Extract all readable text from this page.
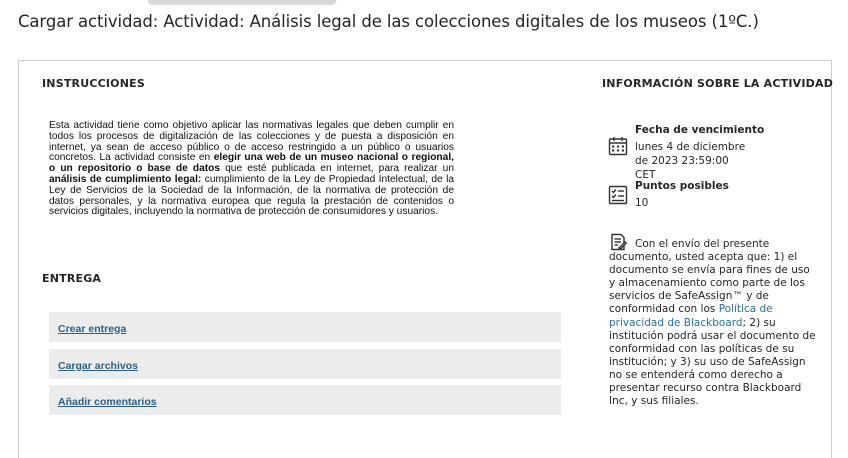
Cargar actividad: Actividad: Análisis legal de las colecciones digitales de los museos (1ºC.)
INSTRUCCIONES
Esta actividad tiene como objetivo aplicar las normativas legales que deben cumplir en todos los procesos de digitalización de las colecciones y de puesta a disposición en internet, ya sean de acceso público o de acceso restringido a un público o usuarios concretos. La actividad consiste en elegir una web de un museo nacional o regional, o un repositorio o base de datos que esté publicada en internet, para realizar un análisis de cumplimiento legal: cumplimiento de la Ley de Propiedad Intelectual, de la Ley de Servicios de la Sociedad de la Información, de la normativa de protección de datos personales, y la normativa europea que regula la prestación de contenidos o servicios digitales, incluyendo la normativa de protección de consumidores y usuarios.
ENTREGA
Crear entrega
Cargar archivos
Añadir comentarios
INFORMACIÓN SOBRE LA ACTIVIDAD
Fecha de vencimiento
lunes 4 de diciembre de 2023 23:59:00 CET
Puntos posibles
10
Con el envío del presente documento, usted acepta que: 1) el documento se envía para fines de uso y almacenamiento como parte de los servicios de SafeAssign™ y de conformidad con los Política de privacidad de Blackboard; 2) su institución podrá usar el documento de conformidad con las políticas de su institución; y 3) su uso de SafeAssign no se entenderá como derecho a presentar recurso contra Blackboard Inc, y sus filiales.
